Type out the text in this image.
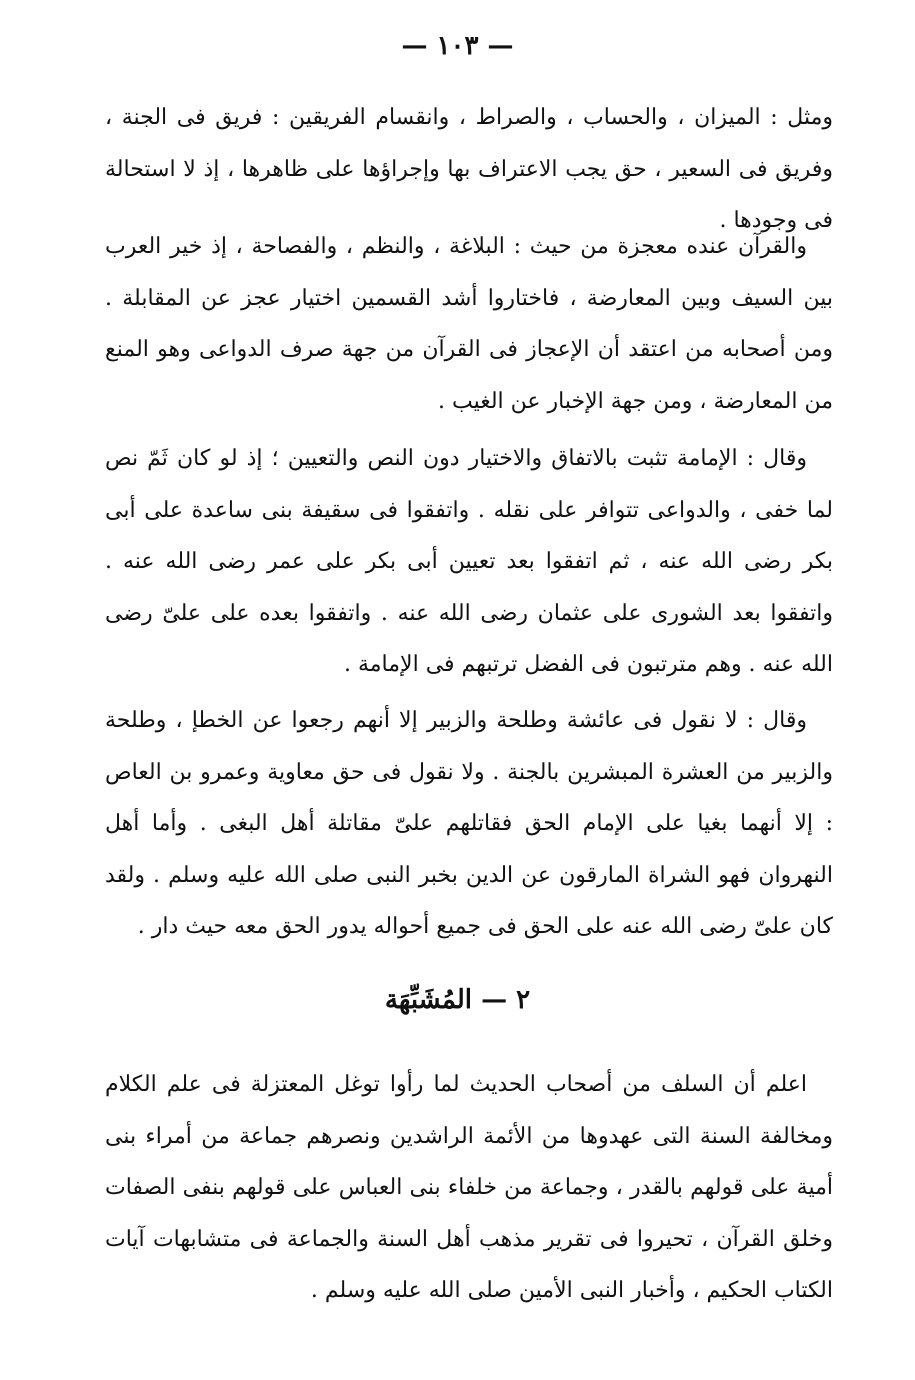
— ١٠٣ —

ومثل : الميزان ، والحساب ، والصراط ، وانقسام الفريقين : فريق فى الجنة ، وفريق فى السعير ، حق يجب الاعتراف بها وإجراؤها على ظاهرها ، إذ لا استحالة فى وجودها .

والقرآن عنده معجزة من حيث : البلاغة ، والنظم ، والفصاحة ، إذ خير العرب بين السيف وبين المعارضة ، فاختاروا أشد القسمين اختيار عجز عن المقابلة . ومن أصحابه من اعتقد أن الإعجاز فى القرآن من جهة صرف الدواعى وهو المنع من المعارضة ، ومن جهة الإخبار عن الغيب .

وقال : الإمامة تثبت بالاتفاق والاختيار دون النص والتعيين ؛ إذ لو كان ثَمّ نص لما خفى ، والدواعى تتوافر على نقله . واتفقوا فى سقيفة بنى ساعدة على أبى بكر رضى الله عنه ، ثم اتفقوا بعد تعيين أبى بكر على عمر رضى الله عنه . واتفقوا بعد الشورى على عثمان رضى الله عنه . واتفقوا بعده على علىّ رضى الله عنه . وهم مترتبون فى الفضل ترتبهم فى الإمامة .

وقال : لا نقول فى عائشة وطلحة والزبير إلا أنهم رجعوا عن الخطإ ، وطلحة والزبير من العشرة المبشرين بالجنة . ولا نقول فى حق معاوية وعمرو بن العاص : إلا أنهما بغيا على الإمام الحق فقاتلهم علىّ مقاتلة أهل البغى . وأما أهل النهروان فهو الشراة المارقون عن الدين بخبر النبى صلى الله عليه وسلم . ولقد كان علىّ رضى الله عنه على الحق فى جميع أحواله يدور الحق معه حيث دار .

٢ — المُشَبِّهَة

اعلم أن السلف من أصحاب الحديث لما رأوا توغل المعتزلة فى علم الكلام ومخالفة السنة التى عهدوها من الأئمة الراشدين ونصرهم جماعة من أمراء بنى أمية على قولهم بالقدر ، وجماعة من خلفاء بنى العباس على قولهم بنفى الصفات وخلق القرآن ، تحيروا فى تقرير مذهب أهل السنة والجماعة فى متشابهات آيات الكتاب الحكيم ، وأخبار النبى الأمين صلى الله عليه وسلم .
